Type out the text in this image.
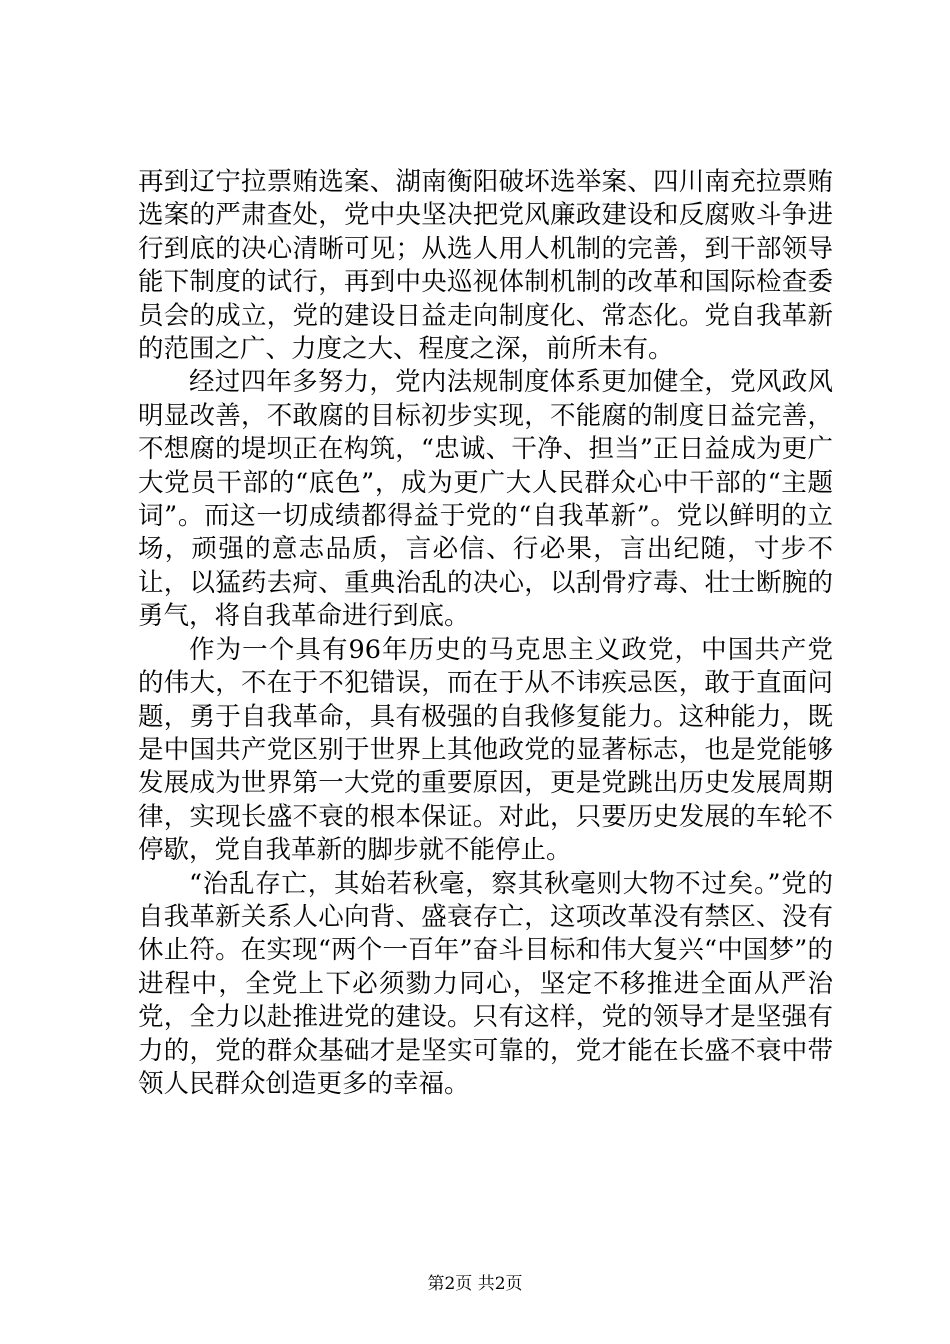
再到辽宁拉票贿选案、湖南衡阳破坏选举案、四川南充拉票贿选案的严肃查处，党中央坚决把党风廉政建设和反腐败斗争进行到底的决心清晰可见；从选人用人机制的完善，到干部领导能下制度的试行，再到中央巡视体制机制的改革和国际检查委员会的成立，党的建设日益走向制度化、常态化。党自我革新的范围之广、力度之大、程度之深，前所未有。

经过四年多努力，党内法规制度体系更加健全，党风政风明显改善，不敢腐的目标初步实现，不能腐的制度日益完善，不想腐的堤坝正在构筑，“忠诚、干净、担当”正日益成为更广大党员干部的“底色”，成为更广大人民群众心中干部的“主题词”。而这一切成绩都得益于党的“自我革新”。党以鲜明的立场，顽强的意志品质，言必信、行必果，言出纪随，寸步不让，以猛药去疴、重典治乱的决心，以刮骨疗毒、壮士断腕的勇气，将自我革命进行到底。

作为一个具有96年历史的马克思主义政党，中国共产党的伟大，不在于不犯错误，而在于从不讳疾忌医，敢于直面问题，勇于自我革命，具有极强的自我修复能力。这种能力，既是中国共产党区别于世界上其他政党的显著标志，也是党能够发展成为世界第一大党的重要原因，更是党跳出历史发展周期律，实现长盛不衰的根本保证。对此，只要历史发展的车轮不停歇，党自我革新的脚步就不能停止。

“治乱存亡，其始若秋毫，察其秋毫则大物不过矣。”党的自我革新关系人心向背、盛衰存亡，这项改革没有禁区、没有休止符。在实现“两个一百年”奋斗目标和伟大复兴“中国梦”的进程中，全党上下必须勠力同心，坚定不移推进全面从严治党，全力以赴推进党的建设。只有这样，党的领导才是坚强有力的，党的群众基础才是坚实可靠的，党才能在长盛不衰中带领人民群众创造更多的幸福。

第2页 共2页
